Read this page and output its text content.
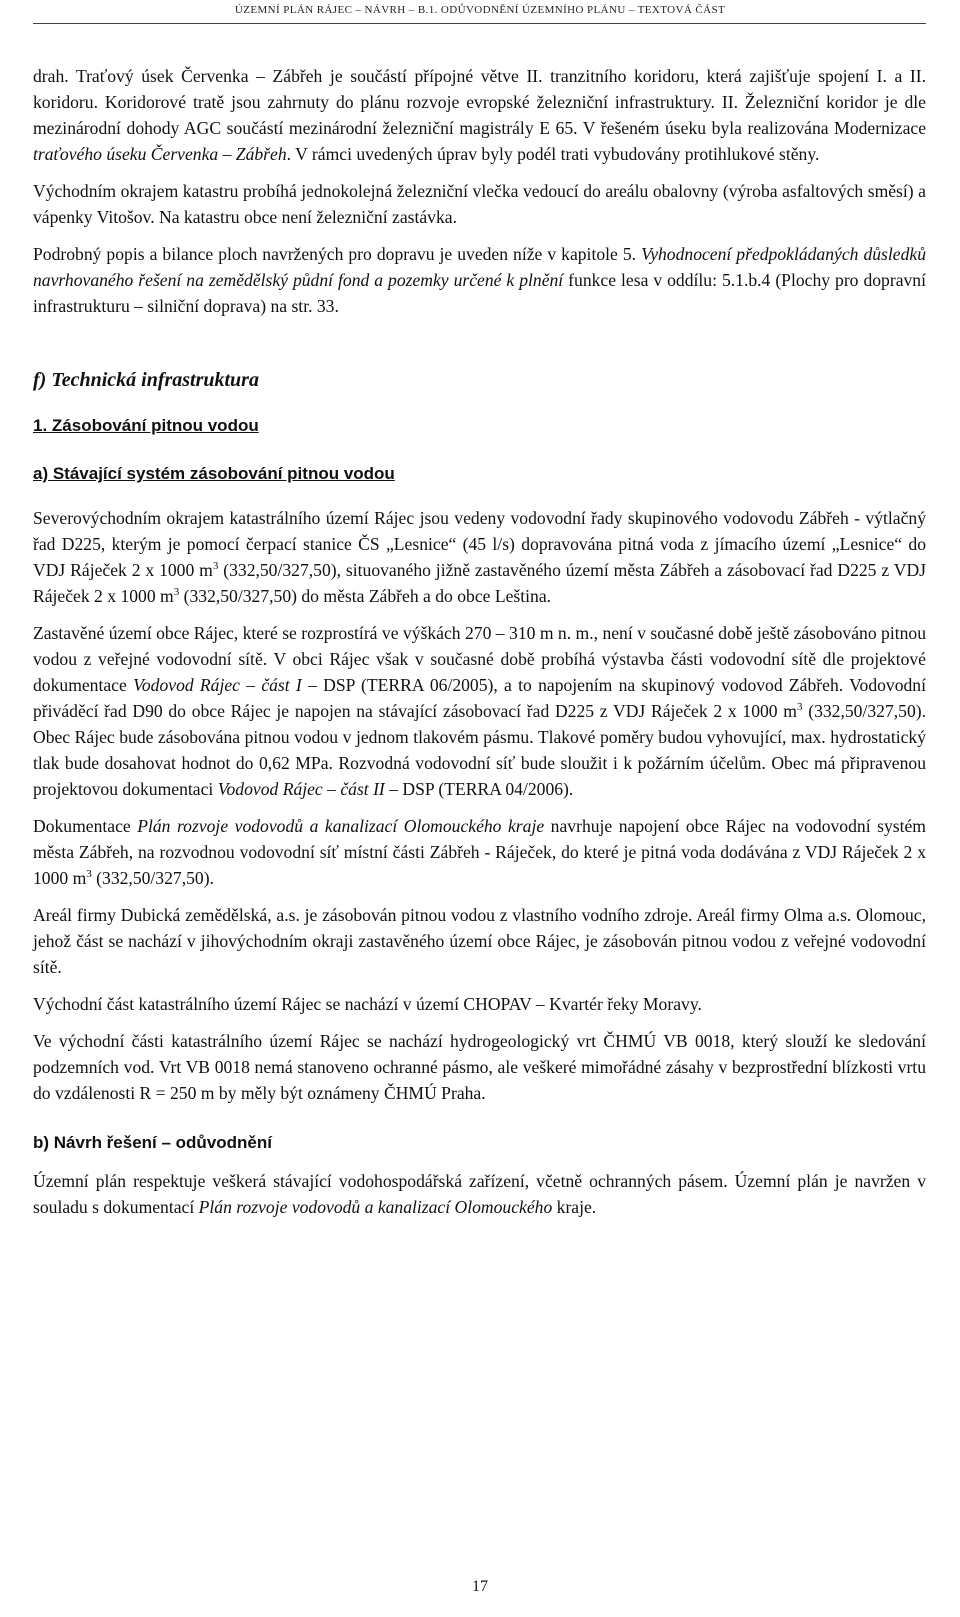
ÚZEMNÍ PLÁN RÁJEC – NÁVRH – B.1. ODŮVODNĚNÍ ÚZEMNÍHO PLÁNU – TEXTOVÁ ČÁST

drah. Traťový úsek Červenka – Zábřeh je součástí přípojné větve II. tranzitního koridoru, která zajišťuje spojení I. a II. koridoru. Koridorové tratě jsou zahrnuty do plánu rozvoje evropské železniční infrastruktury. II. Železniční koridor je dle mezinárodní dohody AGC součástí mezinárodní železniční magistrály E 65. V řešeném úseku byla realizována Modernizace traťového úseku Červenka – Zábřeh. V rámci uvedených úprav byly podél trati vybudovány protihlukové stěny.

Východním okrajem katastru probíhá jednokolejná železniční vlečka vedoucí do areálu obalovny (výroba asfaltových směsí) a vápenky Vitošov. Na katastru obce není železniční zastávka.

Podrobný popis a bilance ploch navržených pro dopravu je uveden níže v kapitole 5. Vyhodnocení předpokládaných důsledků navrhovaného řešení na zemědělský půdní fond a pozemky určené k plnění funkce lesa v oddílu: 5.1.b.4 (Plochy pro dopravní infrastrukturu – silniční doprava) na str. 33.

f) Technická infrastruktura
1. Zásobování pitnou vodou
a) Stávající systém zásobování pitnou vodou

Severovýchodním okrajem katastrálního území Rájec jsou vedeny vodovodní řady skupinového vodovodu Zábřeh - výtlačný řad D225, kterým je pomocí čerpací stanice ČS „Lesnice“ (45 l/s) dopravována pitná voda z jímacího území „Lesnice“ do VDJ Ráječek 2 x 1000 $m^3$ (332,50/327,50), situovaného jižně zastavěného území města Zábřeh a zásobovací řad D225 z VDJ Ráječek 2 x 1000 $m^3$ (332,50/327,50) do města Zábřeh a do obce Leština.

Zastavěné území obce Rájec, které se rozprostírá ve výškách 270 – 310 m n. m., není v současné době ještě zásobováno pitnou vodou z veřejné vodovodní sítě. V obci Rájec však v současné době probíhá výstavba části vodovodní sítě dle projektové dokumentace Vodovod Rájec – část I – DSP (TERRA 06/2005), a to napojením na skupinový vodovod Zábřeh. Vodovodní přiváděcí řad D90 do obce Rájec je napojen na stávající zásobovací řad D225 z VDJ Ráječek 2 x 1000 $m^3$ (332,50/327,50). Obec Rájec bude zásobována pitnou vodou v jednom tlakovém pásmu. Tlakové poměry budou vyhovující, max. hydrostatický tlak bude dosahovat hodnot do 0,62 MPa. Rozvodná vodovodní síť bude sloužit i k požárním účelům. Obec má připravenou projektovou dokumentaci Vodovod Rájec – část II – DSP (TERRA 04/2006).

Dokumentace Plán rozvoje vodovodů a kanalizací Olomouckého kraje navrhuje napojení obce Rájec na vodovodní systém města Zábřeh, na rozvodnou vodovodní síť místní části Zábřeh - Ráječek, do které je pitná voda dodávána z VDJ Ráječek 2 x 1000 $m^3$ (332,50/327,50).

Areál firmy Dubická zemědělská, a.s. je zásobován pitnou vodou z vlastního vodního zdroje. Areál firmy Olma a.s. Olomouc, jehož část se nachází v jihovýchodním okraji zastavěného území obce Rájec, je zásobován pitnou vodou z veřejné vodovodní sítě.

Východní část katastrálního území Rájec se nachází v území CHOPAV – Kvartér řeky Moravy.

Ve východní části katastrálního území Rájec se nachází hydrogeologický vrt ČHMÚ VB 0018, který slouží ke sledování podzemních vod. Vrt VB 0018 nemá stanoveno ochranné pásmo, ale veškeré mimořádné zásahy v bezprostřední blízkosti vrtu do vzdálenosti R = 250 m by měly být oznámeny ČHMÚ Praha.

b) Návrh řešení – odůvodnění

Územní plán respektuje veškerá stávající vodohospodářská zařízení, včetně ochranných pásem. Územní plán je navržen v souladu s dokumentací Plán rozvoje vodovodů a kanalizací Olomouckého kraje.

17
